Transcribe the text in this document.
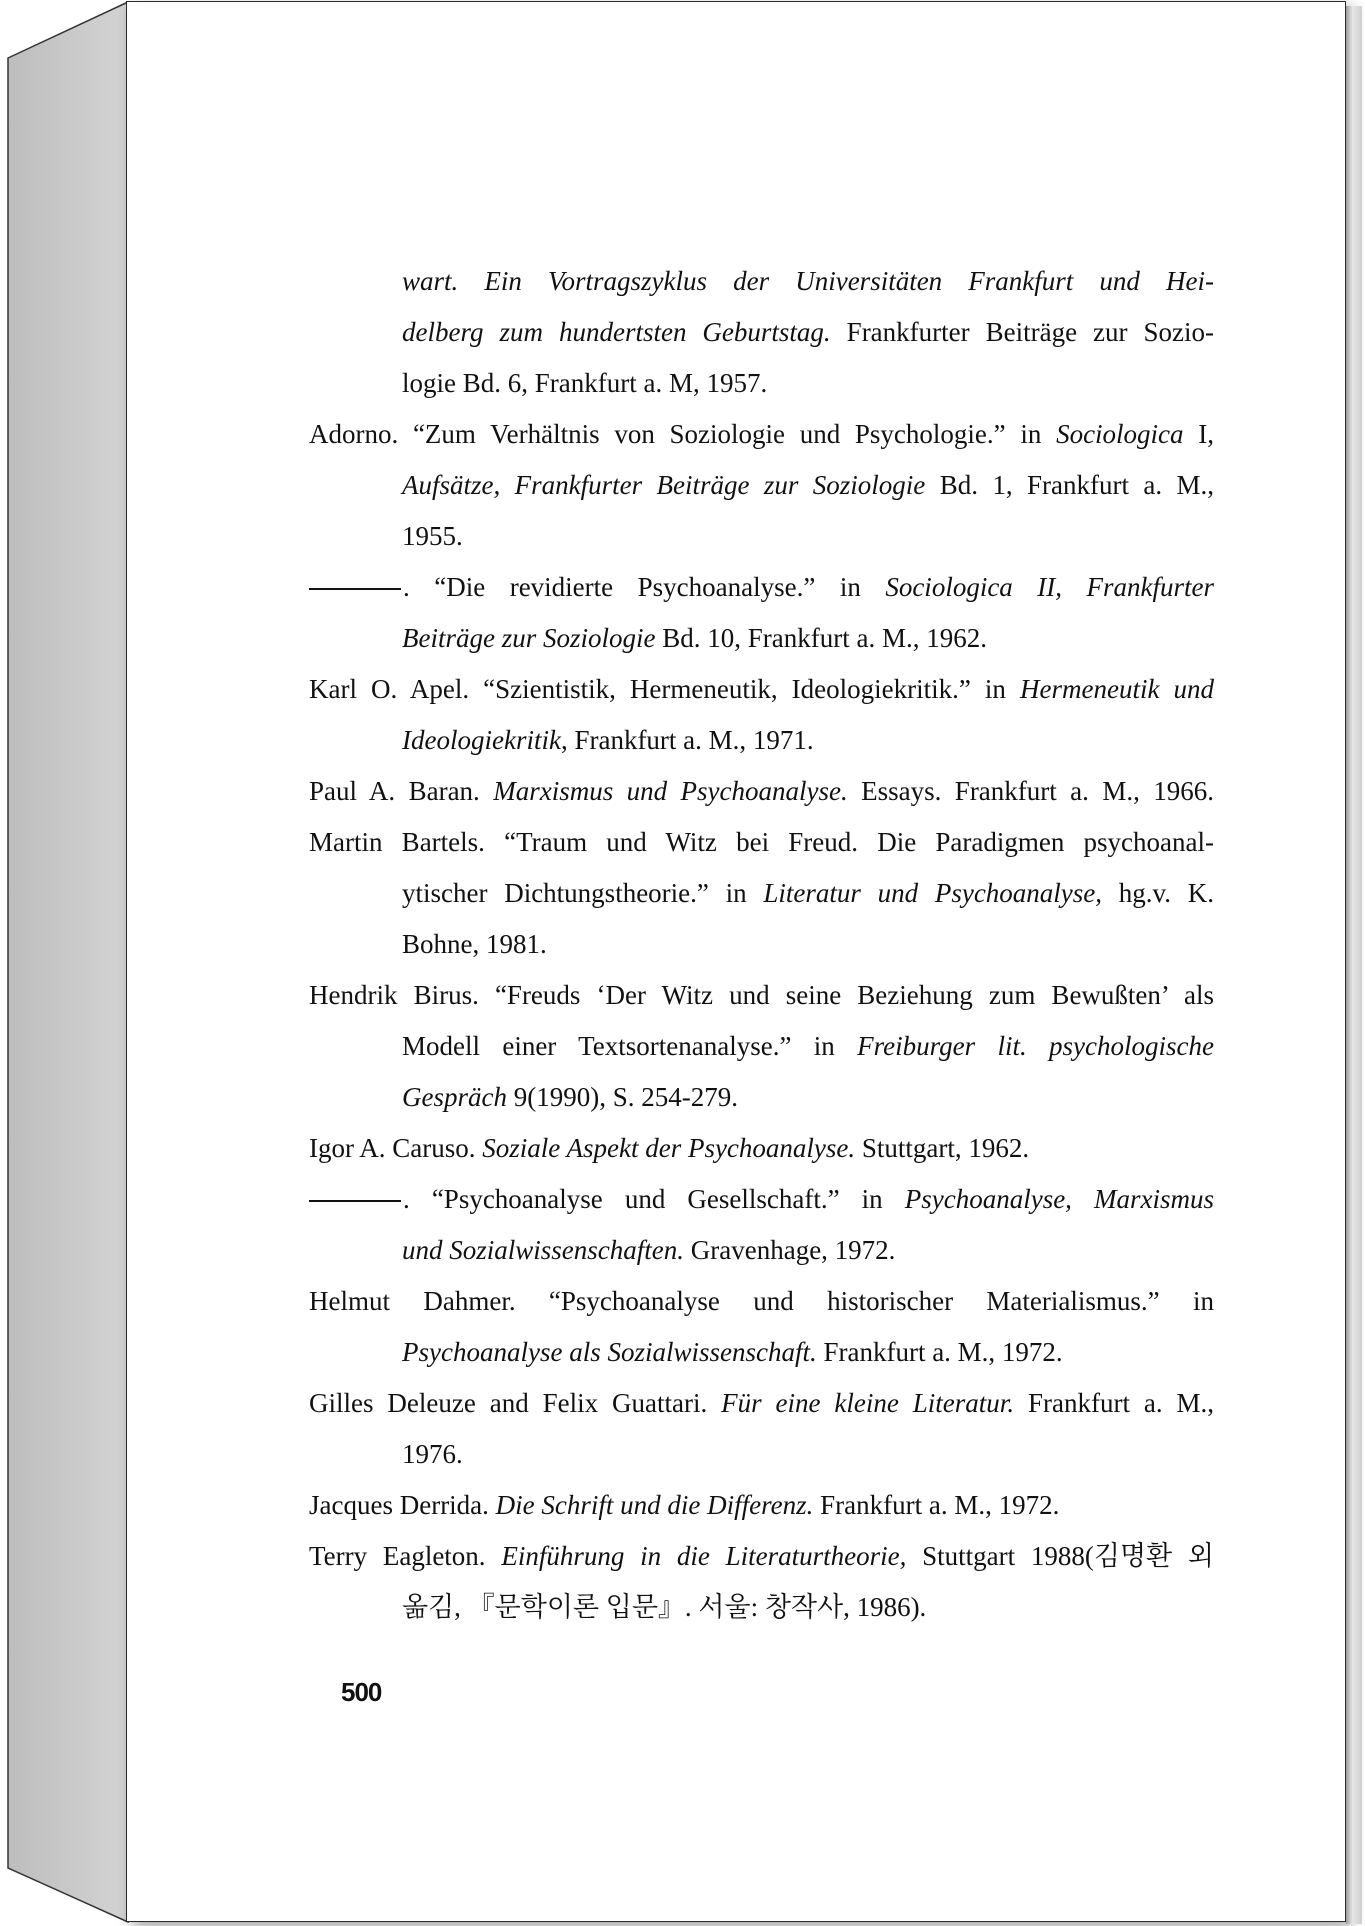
wart. Ein Vortragszyklus der Universitäten Frankfurt und Hei-
delberg zum hundertsten Geburtstag. Frankfurter Beiträge zur Sozio-
logie Bd. 6, Frankfurt a. M, 1957.
Adorno. “Zum Verhältnis von Soziologie und Psychologie.” in Sociologica I,
Aufsätze, Frankfurter Beiträge zur Soziologie Bd. 1, Frankfurt a. M.,
1955.
. “Die revidierte Psychoanalyse.” in Sociologica II, Frankfurter
Beiträge zur Soziologie Bd. 10, Frankfurt a. M., 1962.
Karl O. Apel. “Szientistik, Hermeneutik, Ideologiekritik.” in Hermeneutik und
Ideologiekritik, Frankfurt a. M., 1971.
Paul A. Baran. Marxismus und Psychoanalyse. Essays. Frankfurt a. M., 1966.
Martin Bartels. “Traum und Witz bei Freud. Die Paradigmen psychoanal-
ytischer Dichtungstheorie.” in Literatur und Psychoanalyse, hg.v. K.
Bohne, 1981.
Hendrik Birus. “Freuds ‘Der Witz und seine Beziehung zum Bewußten’ als
Modell einer Textsortenanalyse.” in Freiburger lit. psychologische
Gespräch 9(1990), S. 254-279.
Igor A. Caruso. Soziale Aspekt der Psychoanalyse. Stuttgart, 1962.
. “Psychoanalyse und Gesellschaft.” in Psychoanalyse, Marxismus
und Sozialwissenschaften. Gravenhage, 1972.
Helmut Dahmer. “Psychoanalyse und historischer Materialismus.” in
Psychoanalyse als Sozialwissenschaft. Frankfurt a. M., 1972.
Gilles Deleuze and Felix Guattari. Für eine kleine Literatur. Frankfurt a. M.,
1976.
Jacques Derrida. Die Schrift und die Differenz. Frankfurt a. M., 1972.
Terry Eagleton. Einführung in die Literaturtheorie, Stuttgart 1988(김명환 외
옮김, 『문학이론 입문』. 서울: 창작사, 1986).
500
